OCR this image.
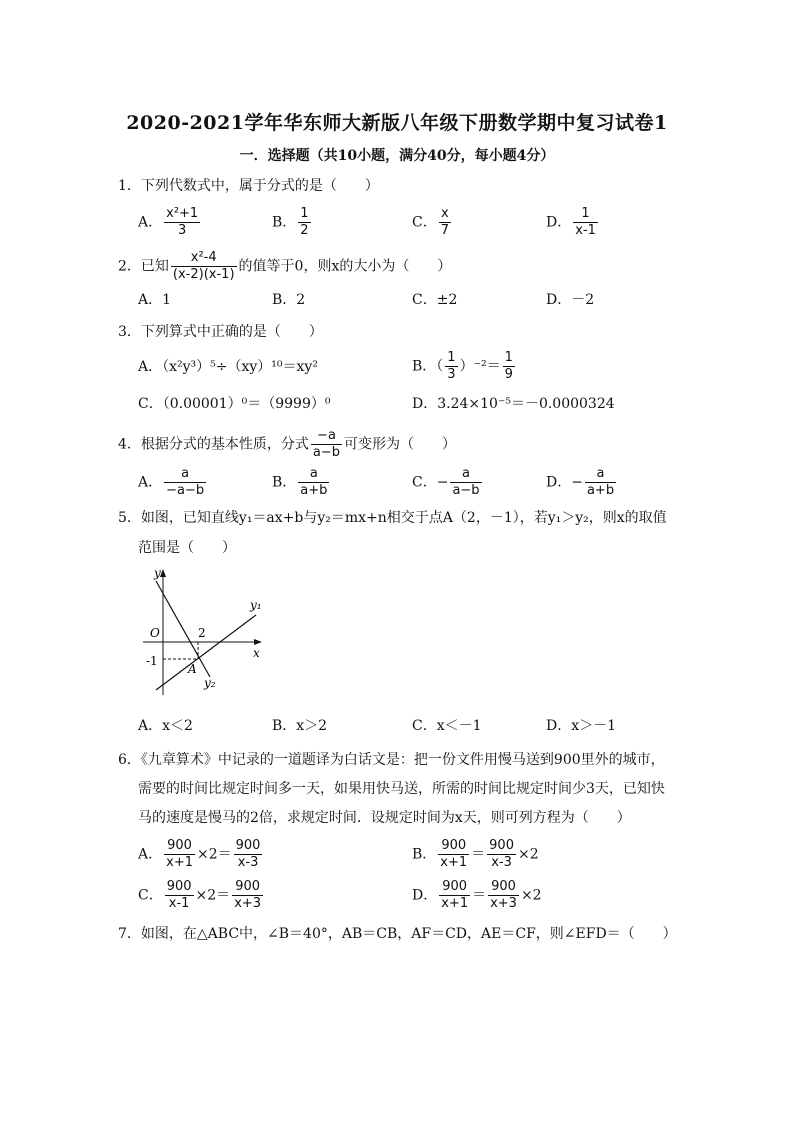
2020-2021学年华东师大新版八年级下册数学期中复习试卷1
一．选择题（共10小题，满分40分，每小题4分）
1．下列代数式中，属于分式的是（　　）
A． $\frac{\text{x²+1}}{3}$	B． $\frac{1}{2}$	C． $\frac{x}{7}$	D． $\frac{1}{x-1}$
2．已知 $\frac{\text{x²-4}}{(x-2)(x-1)}$ 的值等于0，则x的大小为（　　）
A．1	B．2	C．±2	D．－2
3．下列算式中正确的是（　　）
A．（x²y³）⁵÷（xy）¹⁰＝xy²	B．（ $\frac{1}{3} )^{-2}= \frac{1}{9}$
C．（0.00001）⁰＝（9999）⁰	D．3.24×10⁻⁵＝－0.0000324
4．根据分式的基本性质，分式 $\frac{-a}{a-b}$ 可变形为（　　）
A． $\frac{a}{-a-b}$	B． $\frac{a}{a+b}$	C．− $\frac{a}{a-b}$	D．− $\frac{a}{a+b}$
5．如图，已知直线y₁＝ax+b与y₂＝mx+n相交于点A（2，－1），若y₁＞y₂，则x的取值
范围是（　　）
y
x
O	2
-1
A
y₁
y₂
A．x＜2	B．x＞2	C．x＜－1	D．x＞－1
6．《九章算术》中记录的一道题译为白话文是：把一份文件用慢马送到900里外的城市，
需要的时间比规定时间多一天，如果用快马送，所需的时间比规定时间少3天，已知快
马的速度是慢马的2倍，求规定时间．设规定时间为x天，则可列方程为（　　）
A． $\frac{900}{x+1} \times 2= \frac{900}{x-3}$	B． $\frac{900}{x+1} = \frac{900}{x-3} \times 2$
C． $\frac{900}{x-1} \times 2= \frac{900}{x+3}$	D． $\frac{900}{x+1} = \frac{900}{x+3} \times 2$
7．如图，在△ABC中，∠B＝40°，AB＝CB，AF＝CD，AE＝CF，则∠EFD＝（　　）
